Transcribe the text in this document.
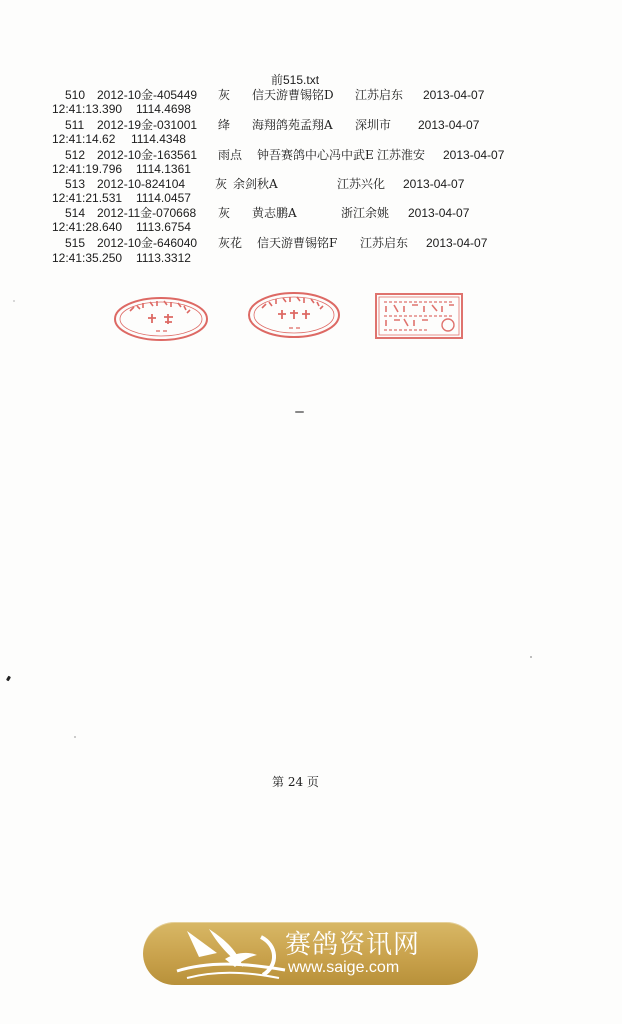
前515.txt
510 2012-10金-405449 灰 信天游曹锡铭D 江苏启东 2013-04-07
12:41:13.390 1114.4698
511 2012-19金-031001 绛 海翔鸽苑孟翔A 深圳市 2013-04-07
12:41:14.62 1114.4348
512 2012-10金-163561 雨点 钟吾赛鸽中心冯中武E 江苏淮安 2013-04-07
12:41:19.796 1114.1361
513 2012-10-824104 灰 余剑秋A	江苏兴化 2013-04-07
12:41:21.531 1114.0457
514 2012-11金-070668 灰 黄志鹏A	浙江余姚 2013-04-07
12:41:28.640 1113.6754
515 2012-10金-646040 灰花 信天游曹锡铭F 江苏启东 2013-04-07
12:41:35.250 1113.3312
第 24 页
赛鸽资讯网
www.saige.com
